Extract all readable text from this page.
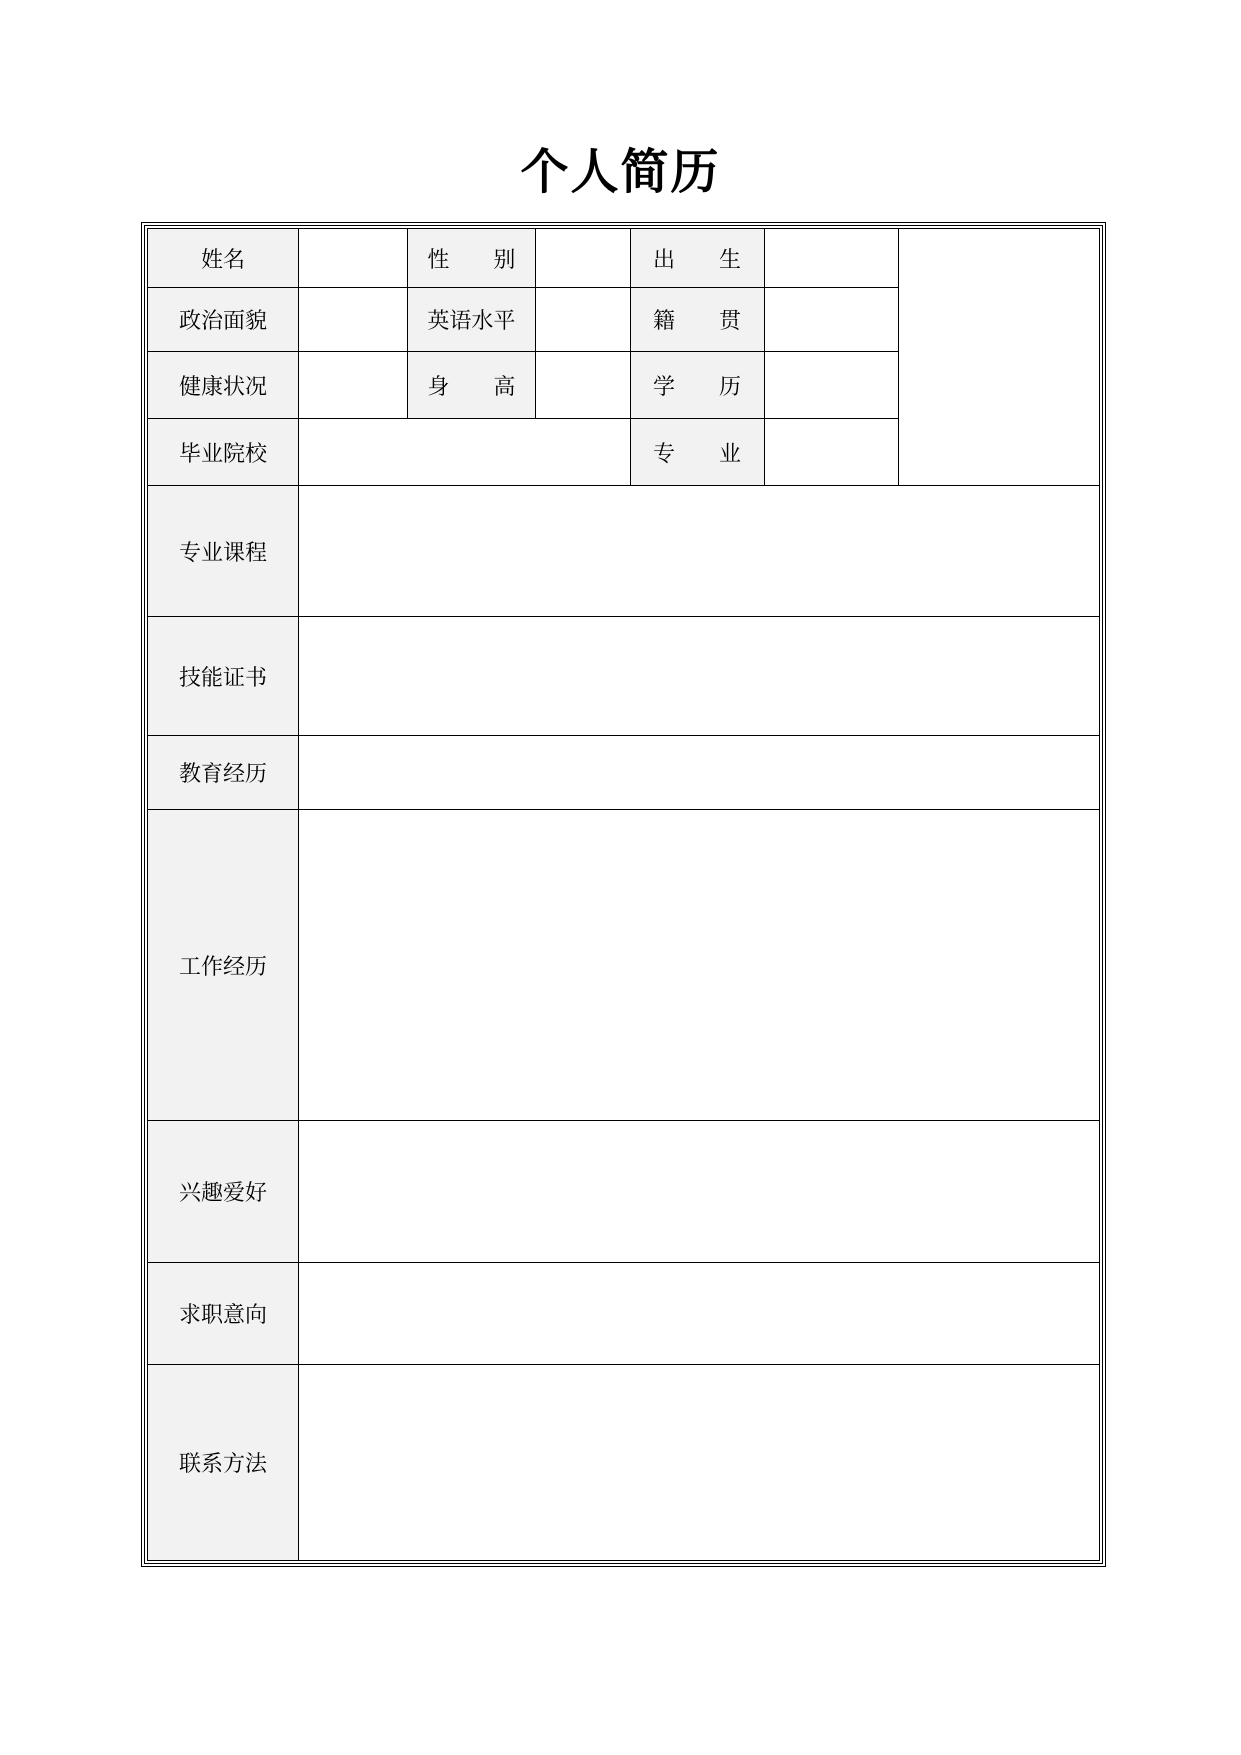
个人简历
姓名		性　　别		出　　生		
政治面貌		英语水平		籍　　贯		
健康状况		身　　高		学　　历		
毕业院校				专　　业		
专业课程						
技能证书						
教育经历						
工作经历						
兴趣爱好						
求职意向						
联系方法						
